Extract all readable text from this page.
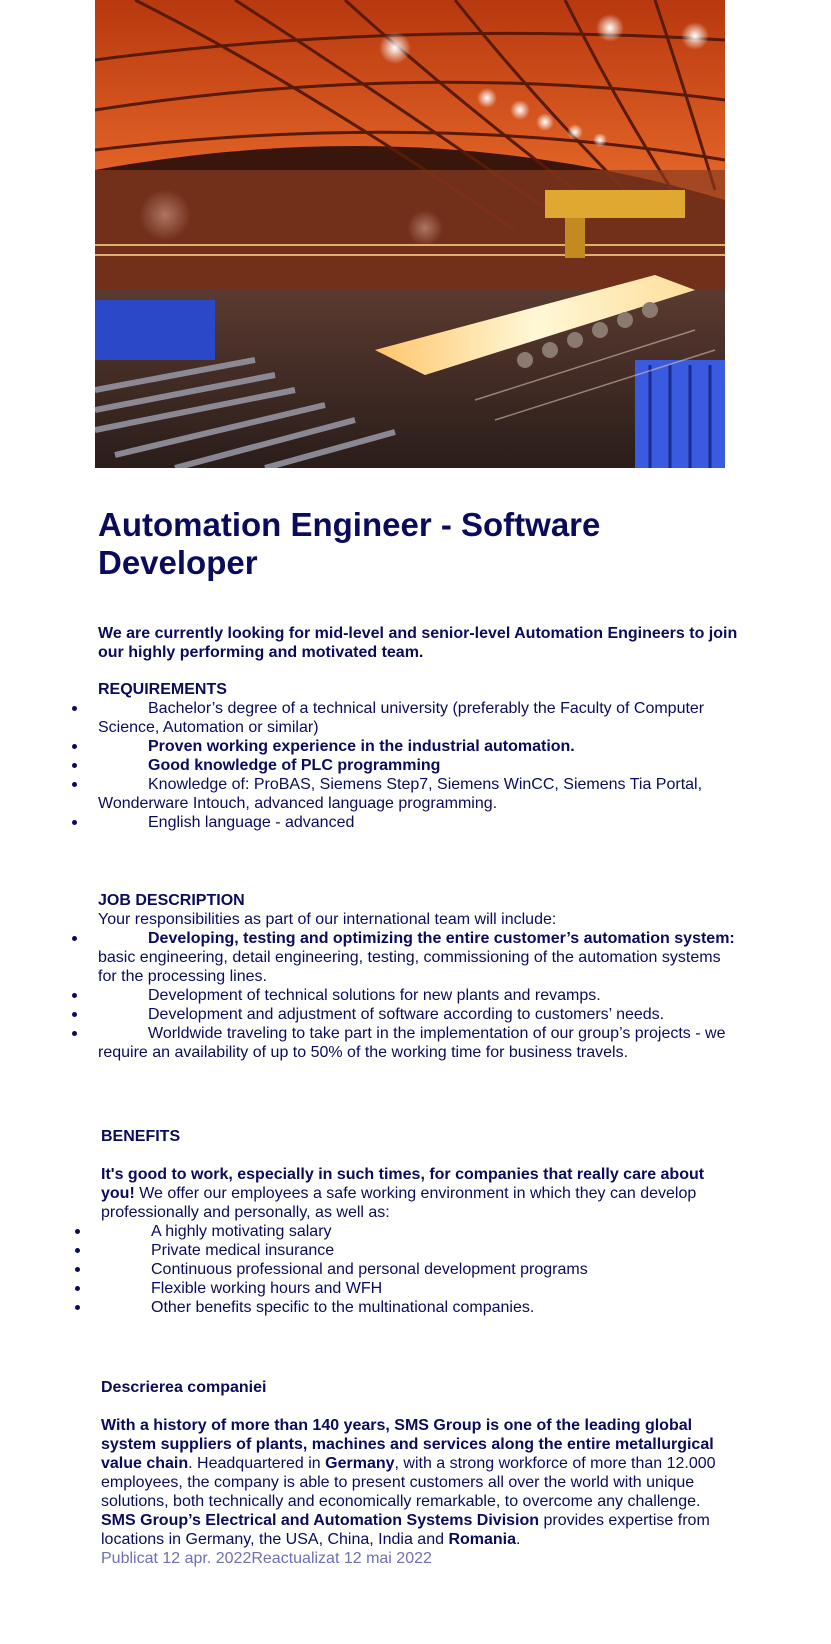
Automation Engineer - Software Developer

We are currently looking for mid-level and senior-level Automation Engineers to join our highly performing and motivated team.

REQUIREMENTS

Bachelor’s degree of a technical university (preferably the Faculty of Computer Science, Automation or similar)
Proven working experience in the industrial automation.
Good knowledge of PLC programming
Knowledge of: ProBAS, Siemens Step7, Siemens WinCC, Siemens Tia Portal, Wonderware Intouch, advanced language programming.
English language - advanced

JOB DESCRIPTION

Your responsibilities as part of our international team will include:

Developing, testing and optimizing the entire customer’s automation system: basic engineering, detail engineering, testing, commissioning of the automation systems for the processing lines.
Development of technical solutions for new plants and revamps.
Development and adjustment of software according to customers’ needs.
Worldwide traveling to take part in the implementation of our group’s projects - we require an availability of up to 50% of the working time for business travels.

BENEFITS

It's good to work, especially in such times, for companies that really care about you! We offer our employees a safe working environment in which they can develop professionally and personally, as well as:

A highly motivating salary
Private medical insurance
Continuous professional and personal development programs
Flexible working hours and WFH
Other benefits specific to the multinational companies.

Descrierea companiei

With a history of more than 140 years, SMS Group is one of the leading global system suppliers of plants, machines and services along the entire metallurgical value chain. Headquartered in Germany, with a strong workforce of more than 12.000 employees, the company is able to present customers all over the world with unique solutions, both technically and economically remarkable, to overcome any challenge.

SMS Group’s Electrical and Automation Systems Division provides expertise from locations in Germany, the USA, China, India and Romania.

Publicat 12 apr. 2022Reactualizat 12 mai 2022
